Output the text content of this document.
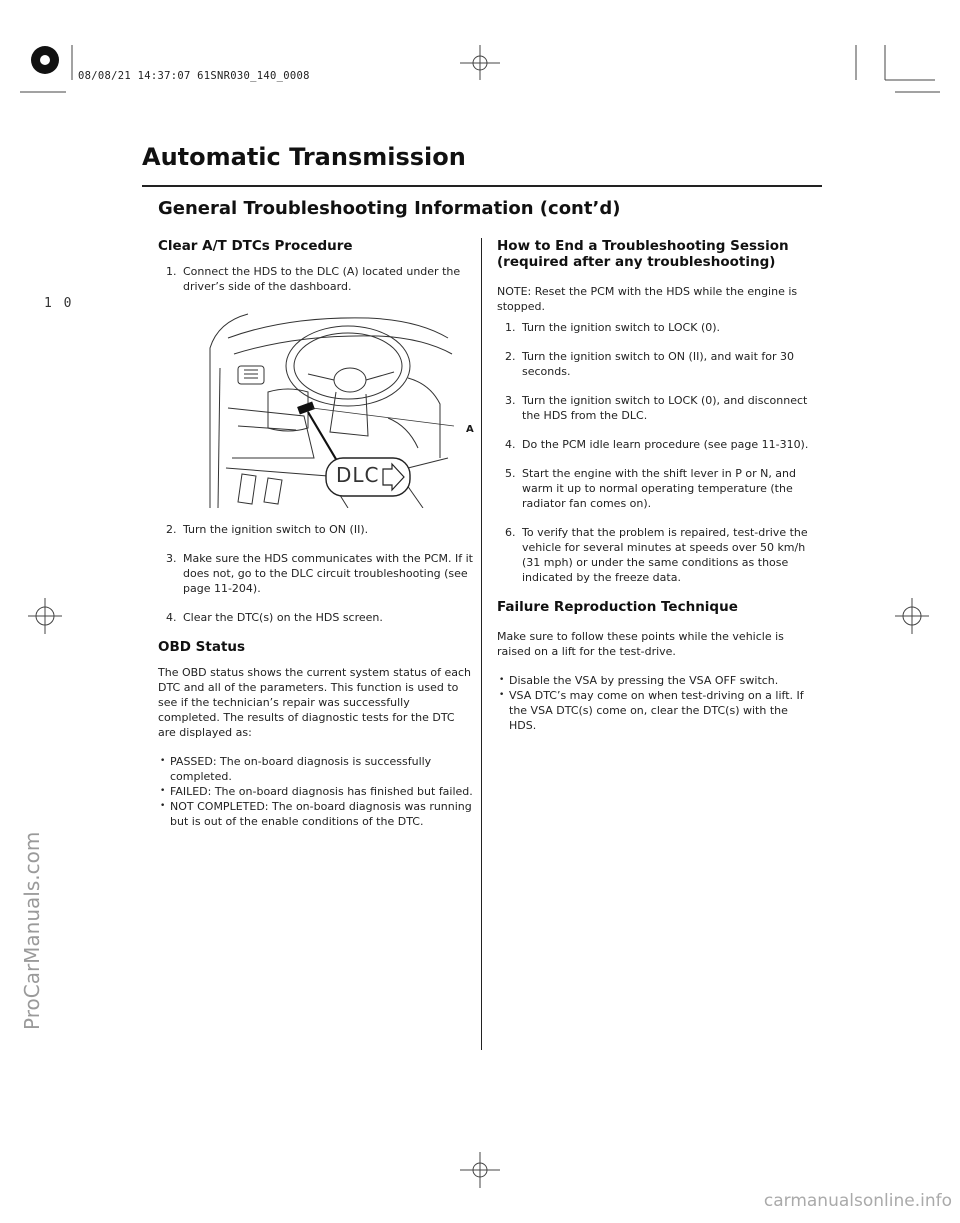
08/08/21 14:37:07 61SNR030_140_0008
1 0
ProCarManuals.com
carmanualsonline.info
Automatic Transmission
General Troubleshooting Information (cont’d)
Clear A/T DTCs Procedure
1. Connect the HDS to the DLC (A) located under the driver’s side of the dashboard.
DLC
A
2. Turn the ignition switch to ON (II).
3. Make sure the HDS communicates with the PCM. If it does not, go to the DLC circuit troubleshooting (see page 11-204).
4. Clear the DTC(s) on the HDS screen.
OBD Status

The OBD status shows the current system status of each DTC and all of the parameters. This function is used to see if the technician’s repair was successfully completed. The results of diagnostic tests for the DTC are displayed as:

• PASSED: The on-board diagnosis is successfully completed.
• FAILED: The on-board diagnosis has finished but failed.
• NOT COMPLETED: The on-board diagnosis was running but is out of the enable conditions of the DTC.
How to End a Troubleshooting Session
(required after any troubleshooting)

NOTE: Reset the PCM with the HDS while the engine is stopped.

1. Turn the ignition switch to LOCK (0).
2. Turn the ignition switch to ON (II), and wait for 30 seconds.
3. Turn the ignition switch to LOCK (0), and disconnect the HDS from the DLC.
4. Do the PCM idle learn procedure (see page 11-310).
5. Start the engine with the shift lever in P or N, and warm it up to normal operating temperature (the radiator fan comes on).
6. To verify that the problem is repaired, test-drive the vehicle for several minutes at speeds over 50 km/h (31 mph) or under the same conditions as those indicated by the freeze data.
Failure Reproduction Technique

Make sure to follow these points while the vehicle is raised on a lift for the test-drive.

• Disable the VSA by pressing the VSA OFF switch.
• VSA DTC’s may come on when test-driving on a lift. If the VSA DTC(s) come on, clear the DTC(s) with the HDS.
